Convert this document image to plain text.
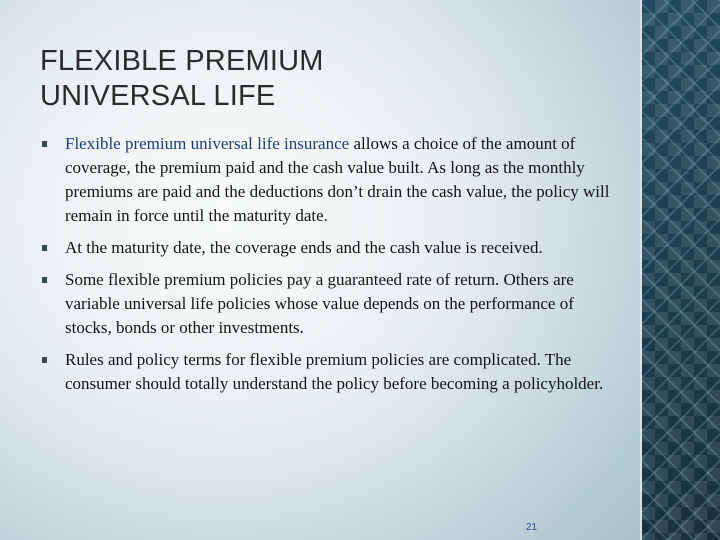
FLEXIBLE PREMIUM
UNIVERSAL LIFE
Flexible premium universal life insurance allows a choice of the amount of coverage, the premium paid and the cash value built. As long as the monthly premiums are paid and the deductions don’t drain the cash value, the policy will remain in force until the maturity date.
At the maturity date, the coverage ends and the cash value is received.
Some flexible premium policies pay a guaranteed rate of return. Others are variable universal life policies whose value depends on the performance of stocks, bonds or other investments.
Rules and policy terms for flexible premium policies are complicated. The consumer should totally understand the policy before becoming a policyholder.
21
